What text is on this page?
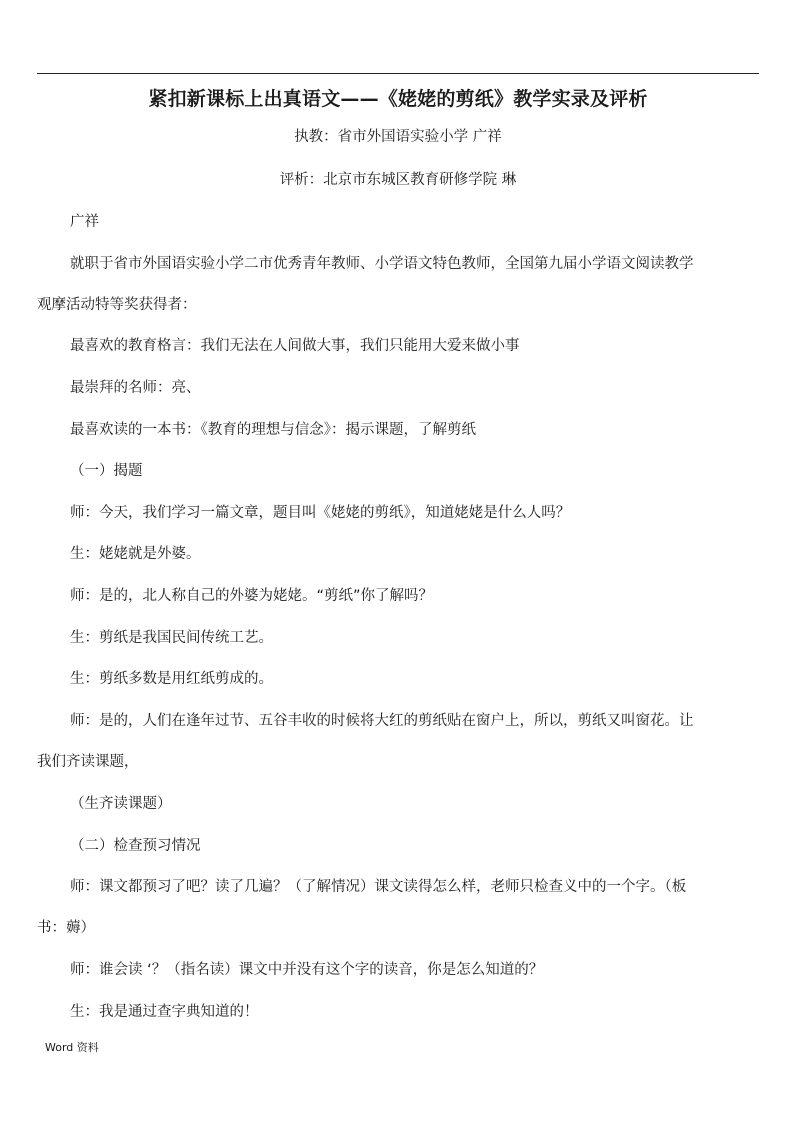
紧扣新课标上出真语文——《姥姥的剪纸》教学实录及评析
执教：省市外国语实验小学 广祥
评析：北京市东城区教育研修学院 琳
广祥
就职于省市外国语实验小学二市优秀青年教师、小学语文特色教师，全国第九届小学语文阅读教学
观摩活动特等奖获得者：
最喜欢的教育格言：我们无法在人间做大事，我们只能用大爱来做小事
最崇拜的名师：亮、
最喜欢读的一本书：《教育的理想与信念》：揭示课题，了解剪纸
（一）揭题
师：今天，我们学习一篇文章，题目叫《姥姥的剪纸》，知道姥姥是什么人吗？
生：姥姥就是外婆。
师：是的，北人称自己的外婆为姥姥。“剪纸”你了解吗？
生：剪纸是我国民间传统工艺。
生：剪纸多数是用红纸剪成的。
师：是的，人们在逢年过节、五谷丰收的时候将大红的剪纸贴在窗户上，所以，剪纸又叫窗花。让
我们齐读课题，
（生齐读课题）
（二）检查预习情况
师：课文都预习了吧？读了几遍？（了解情况）课文读得怎么样，老师只检查义中的一个字。（板
书：薅）
师：谁会读 ‘？（指名读）课文中并没有这个字的读音，你是怎么知道的？
生：我是通过查字典知道的！
Word 资料
